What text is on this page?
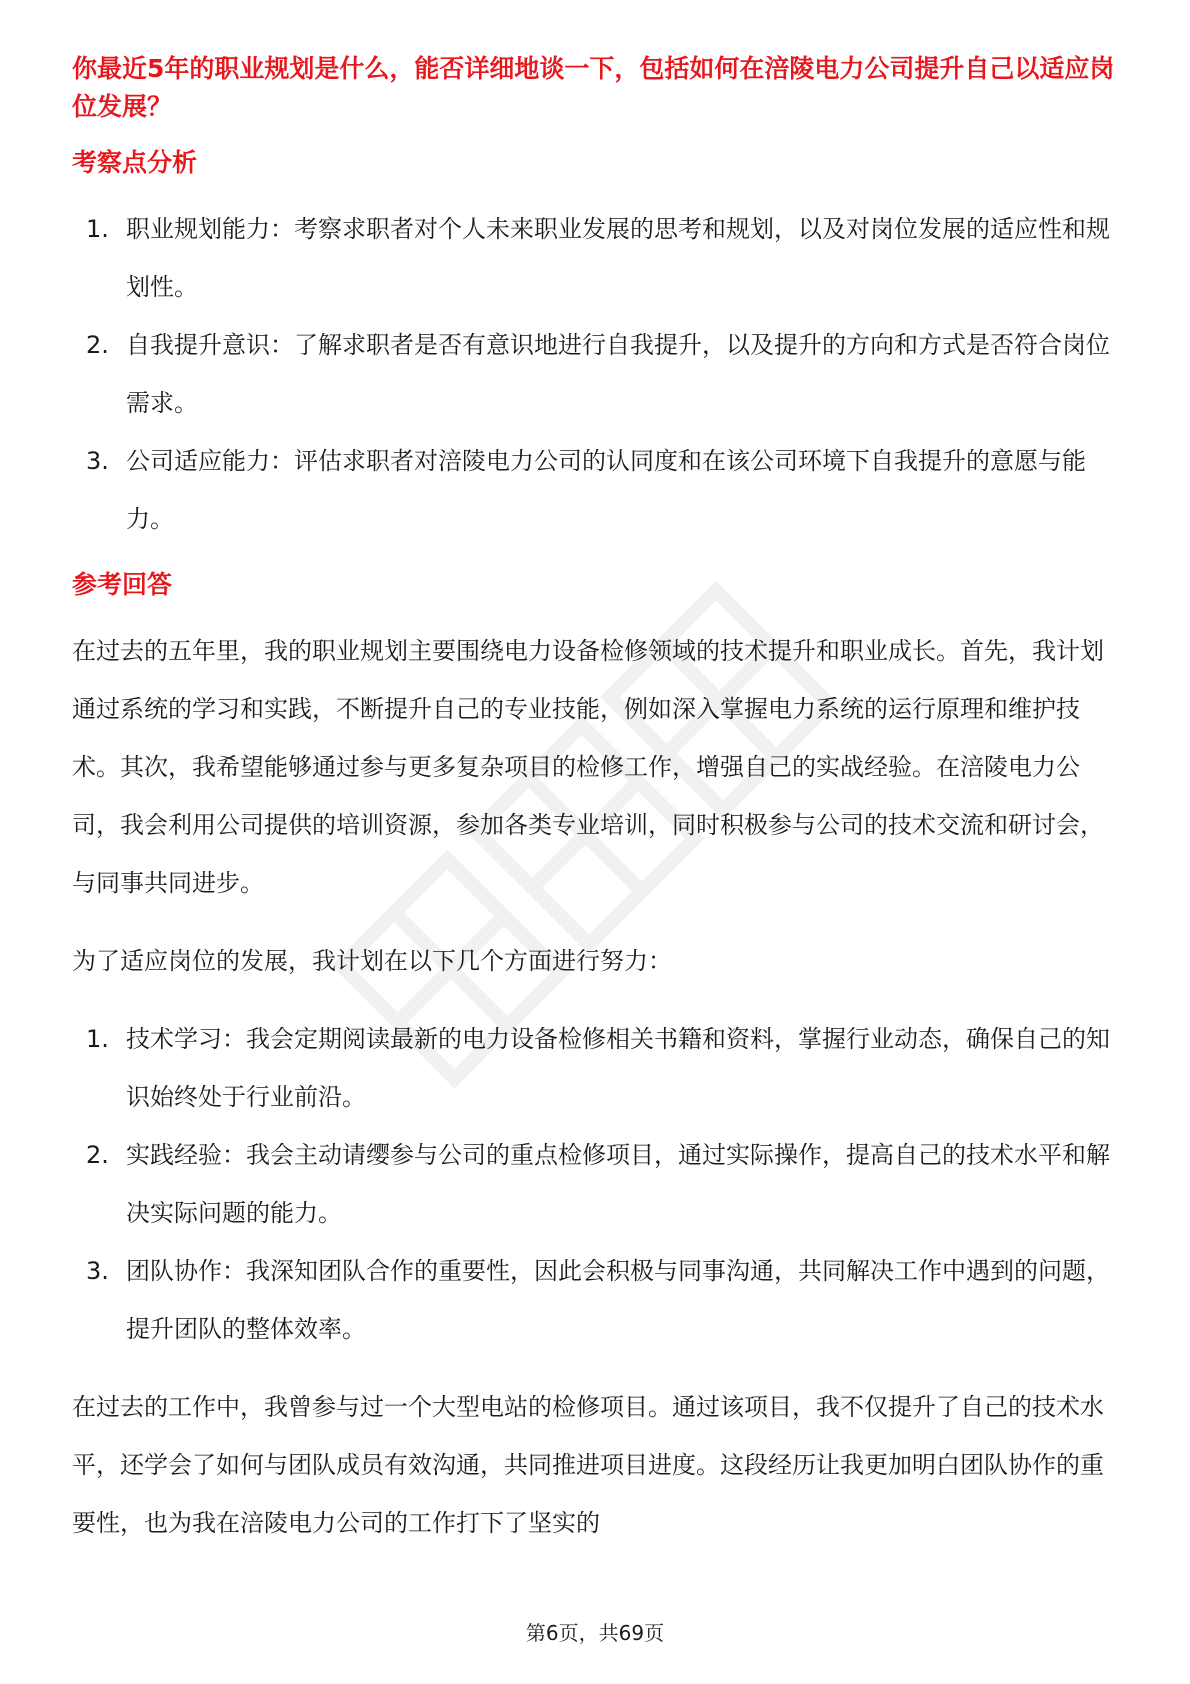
你最近5年的职业规划是什么，能否详细地谈一下，包括如何在涪陵电力公司提升自己以适应岗位发展？

考察点分析
1. 职业规划能力：考察求职者对个人未来职业发展的思考和规划，以及对岗位发展的适应性和规划性。
2. 自我提升意识：了解求职者是否有意识地进行自我提升，以及提升的方向和方式是否符合岗位需求。
3. 公司适应能力：评估求职者对涪陵电力公司的认同度和在该公司环境下自我提升的意愿与能力。
参考回答

在过去的五年里，我的职业规划主要围绕电力设备检修领域的技术提升和职业成长。首先，我计划通过系统的学习和实践，不断提升自己的专业技能，例如深入掌握电力系统的运行原理和维护技术。其次，我希望能够通过参与更多复杂项目的检修工作，增强自己的实战经验。在涪陵电力公司，我会利用公司提供的培训资源，参加各类专业培训，同时积极参与公司的技术交流和研讨会，与同事共同进步。

为了适应岗位的发展，我计划在以下几个方面进行努力：

1. 技术学习：我会定期阅读最新的电力设备检修相关书籍和资料，掌握行业动态，确保自己的知识始终处于行业前沿。
2. 实践经验：我会主动请缨参与公司的重点检修项目，通过实际操作，提高自己的技术水平和解决实际问题的能力。
3. 团队协作：我深知团队合作的重要性，因此会积极与同事沟通，共同解决工作中遇到的问题，提升团队的整体效率。

在过去的工作中，我曾参与过一个大型电站的检修项目。通过该项目，我不仅提升了自己的技术水平，还学会了如何与团队成员有效沟通，共同推进项目进度。这段经历让我更加明白团队协作的重要性，也为我在涪陵电力公司的工作打下了坚实的

第6页，共69页
